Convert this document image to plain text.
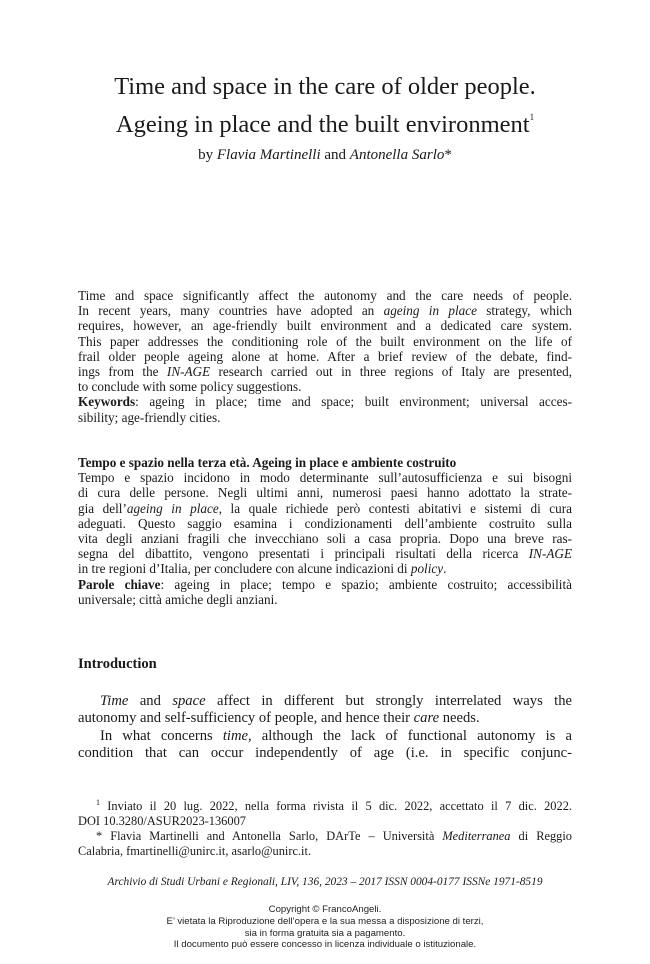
Time and space in the care of older people.
Ageing in place and the built environment$^1$
by Flavia Martinelli and Antonella Sarlo*
Time and space significantly affect the autonomy and the care needs of people.
In recent years, many countries have adopted an ageing in place strategy, which
requires, however, an age-friendly built environment and a dedicated care system.
This paper addresses the conditioning role of the built environment on the life of
frail older people ageing alone at home. After a brief review of the debate, find-
ings from the IN-AGE research carried out in three regions of Italy are presented,
to conclude with some policy suggestions.
Keywords: ageing in place; time and space; built environment; universal acces-
sibility; age-friendly cities.
Tempo e spazio nella terza età. Ageing in place e ambiente costruito
Tempo e spazio incidono in modo determinante sull’autosufficienza e sui bisogni
di cura delle persone. Negli ultimi anni, numerosi paesi hanno adottato la strate-
gia dell’ageing in place, la quale richiede però contesti abitativi e sistemi di cura
adeguati. Questo saggio esamina i condizionamenti dell’ambiente costruito sulla
vita degli anziani fragili che invecchiano soli a casa propria. Dopo una breve ras-
segna del dibattito, vengono presentati i principali risultati della ricerca IN-AGE
in tre regioni d’Italia, per concludere con alcune indicazioni di policy.
Parole chiave: ageing in place; tempo e spazio; ambiente costruito; accessibilità
universale; città amiche degli anziani.
Introduction
Time and space affect in different but strongly interrelated ways the
autonomy and self-sufficiency of people, and hence their care needs.
In what concerns time, although the lack of functional autonomy is a
condition that can occur independently of age (i.e. in specific conjunc-
$^1$ Inviato il 20 lug. 2022, nella forma rivista il 5 dic. 2022, accettato il 7 dic. 2022.
DOI 10.3280/ASUR2023-136007
* Flavia Martinelli and Antonella Sarlo, DArTe – Università Mediterranea di Reggio
Calabria, fmartinelli@unirc.it, asarlo@unirc.it.
Archivio di Studi Urbani e Regionali, LIV, 136, 2023 – 2017 ISSN 0004-0177 ISSNe 1971-8519
Copyright © FrancoAngeli.
E’ vietata la Riproduzione dell’opera e la sua messa a disposizione di terzi,
sia in forma gratuita sia a pagamento.
Il documento può essere concesso in licenza individuale o istituzionale.
